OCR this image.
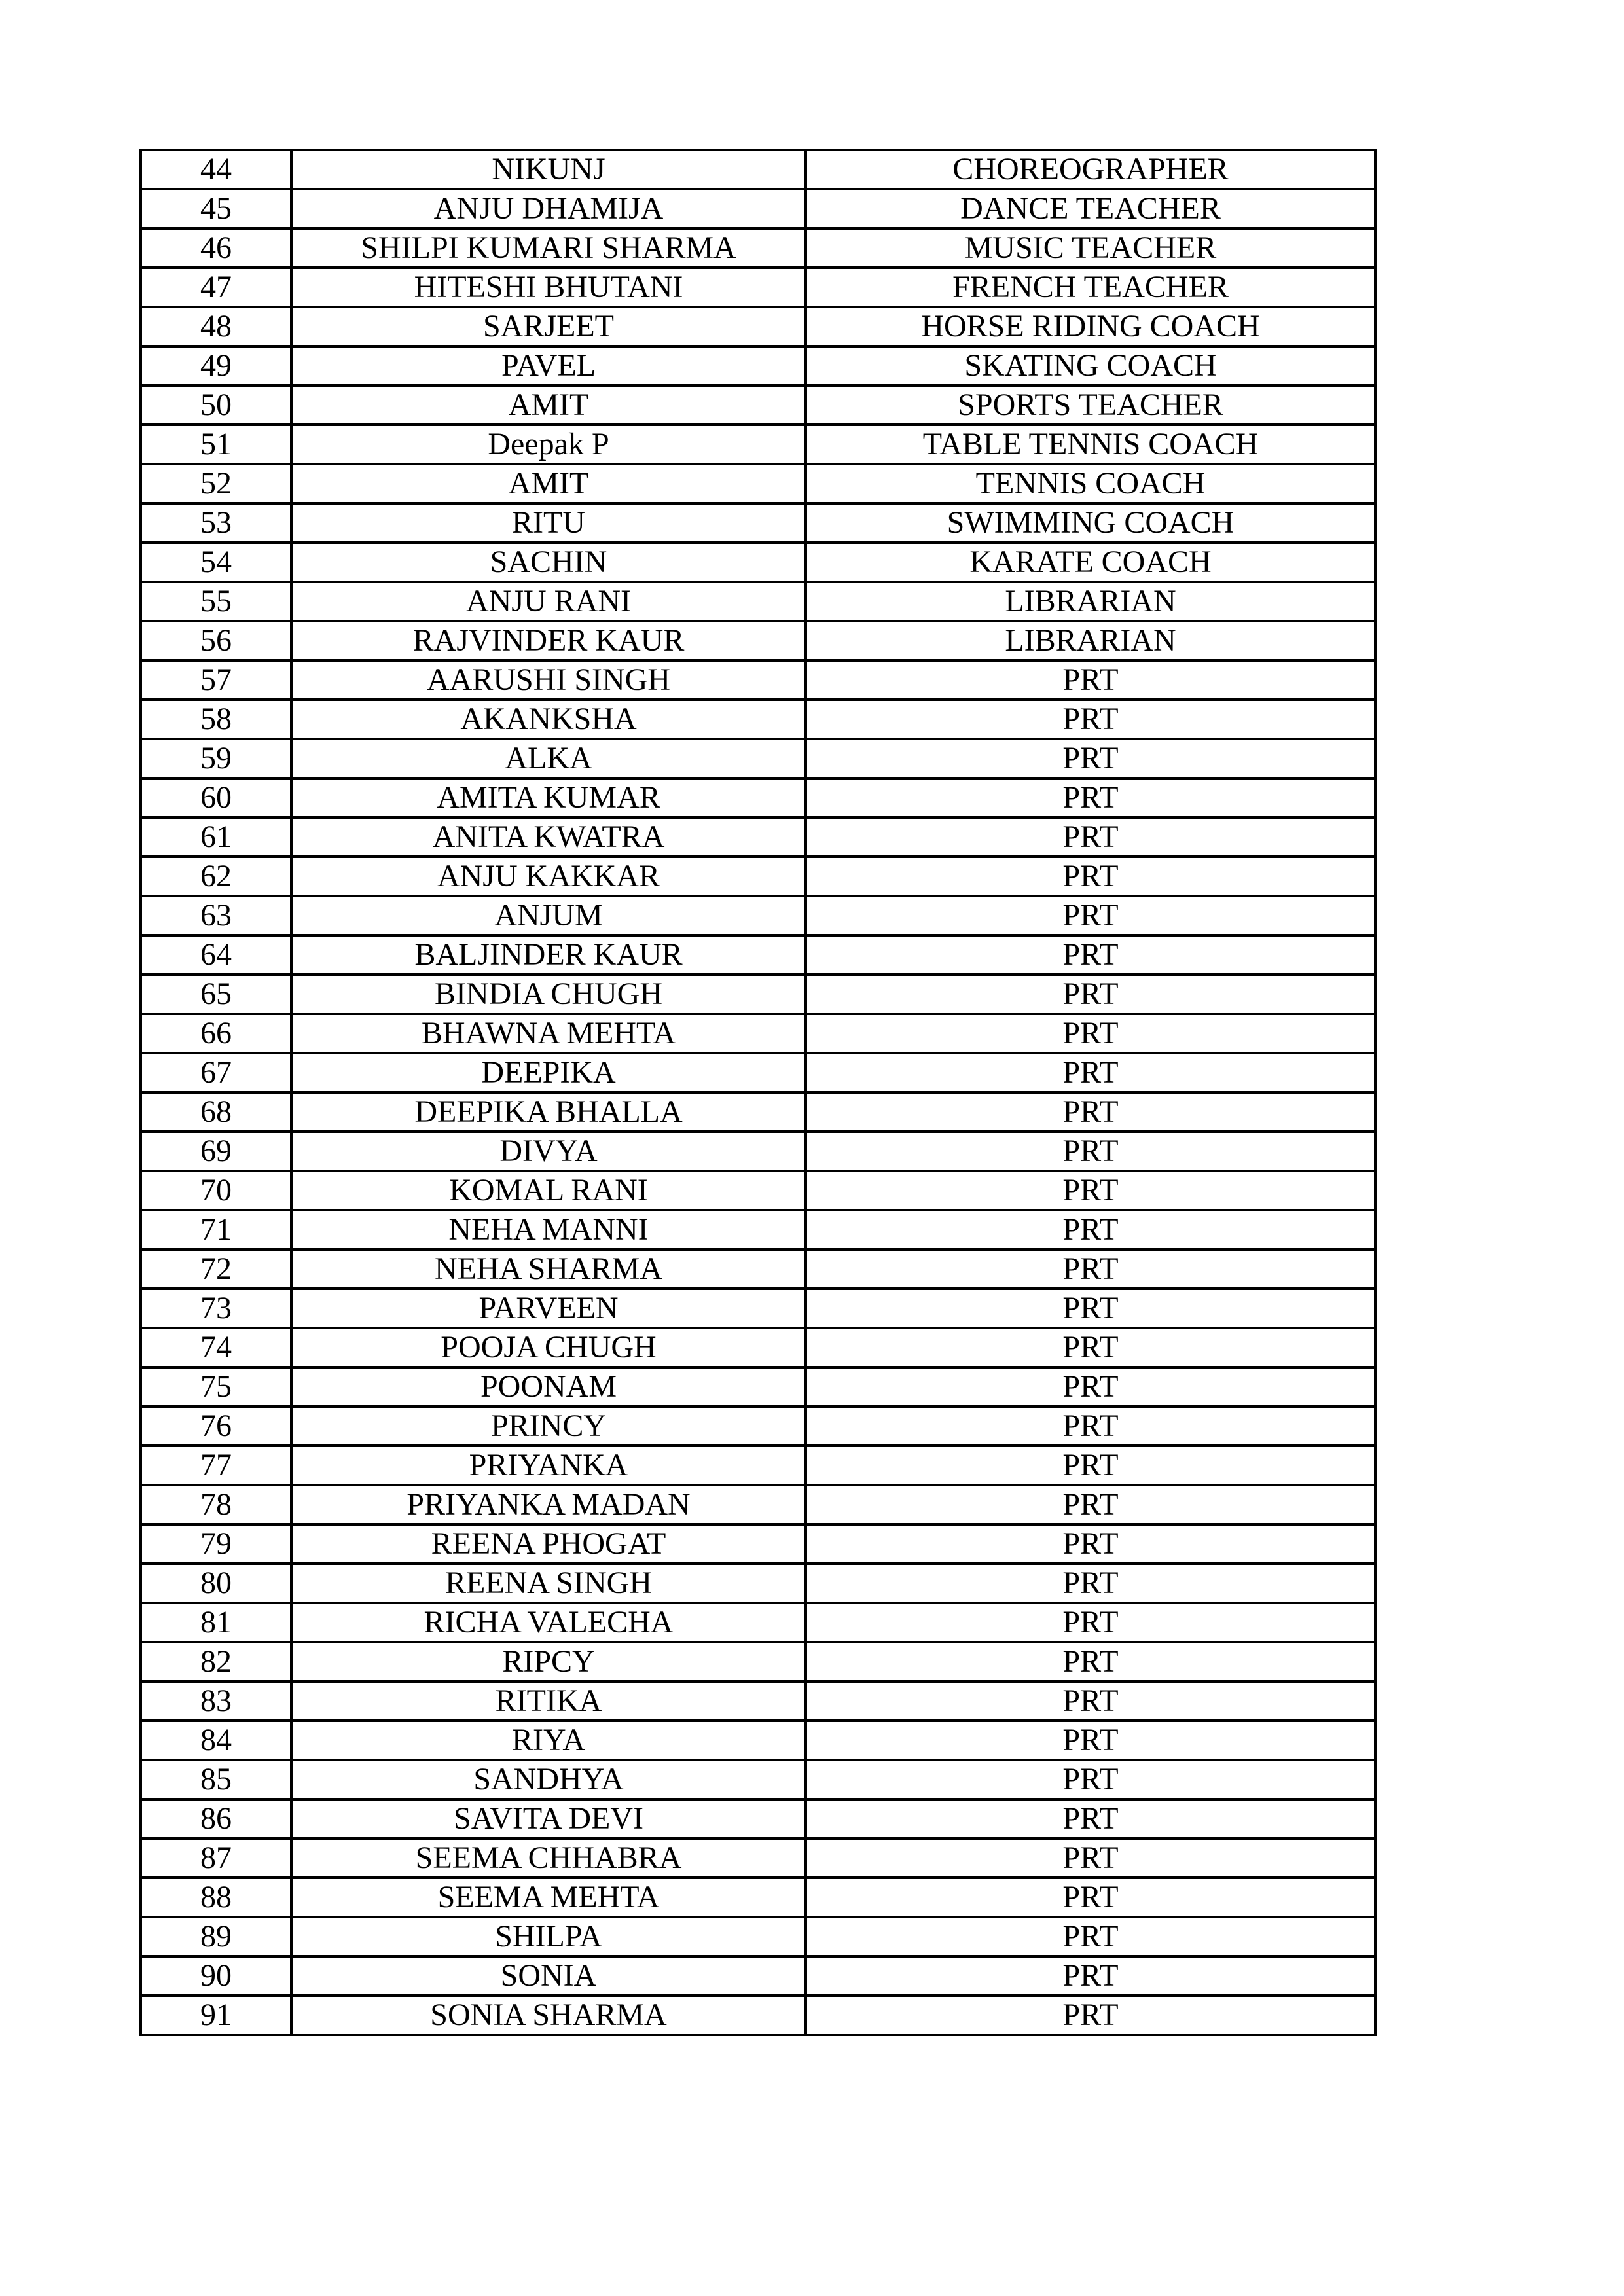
44	NIKUNJ	CHOREOGRAPHER
45	ANJU DHAMIJA	DANCE TEACHER
46	SHILPI KUMARI SHARMA	MUSIC TEACHER
47	HITESHI BHUTANI	FRENCH TEACHER
48	SARJEET	HORSE RIDING COACH
49	PAVEL	SKATING COACH
50	AMIT	SPORTS TEACHER
51	Deepak P	TABLE TENNIS COACH
52	AMIT	TENNIS COACH
53	RITU	SWIMMING COACH
54	SACHIN	KARATE COACH
55	ANJU RANI	LIBRARIAN
56	RAJVINDER KAUR	LIBRARIAN
57	AARUSHI SINGH	PRT
58	AKANKSHA	PRT
59	ALKA	PRT
60	AMITA KUMAR	PRT
61	ANITA KWATRA	PRT
62	ANJU KAKKAR	PRT
63	ANJUM	PRT
64	BALJINDER KAUR	PRT
65	BINDIA CHUGH	PRT
66	BHAWNA MEHTA	PRT
67	DEEPIKA	PRT
68	DEEPIKA BHALLA	PRT
69	DIVYA	PRT
70	KOMAL RANI	PRT
71	NEHA MANNI	PRT
72	NEHA SHARMA	PRT
73	PARVEEN	PRT
74	POOJA CHUGH	PRT
75	POONAM	PRT
76	PRINCY	PRT
77	PRIYANKA	PRT
78	PRIYANKA MADAN	PRT
79	REENA PHOGAT	PRT
80	REENA SINGH	PRT
81	RICHA VALECHA	PRT
82	RIPCY	PRT
83	RITIKA	PRT
84	RIYA	PRT
85	SANDHYA	PRT
86	SAVITA DEVI	PRT
87	SEEMA CHHABRA	PRT
88	SEEMA MEHTA	PRT
89	SHILPA	PRT
90	SONIA	PRT
91	SONIA SHARMA	PRT
